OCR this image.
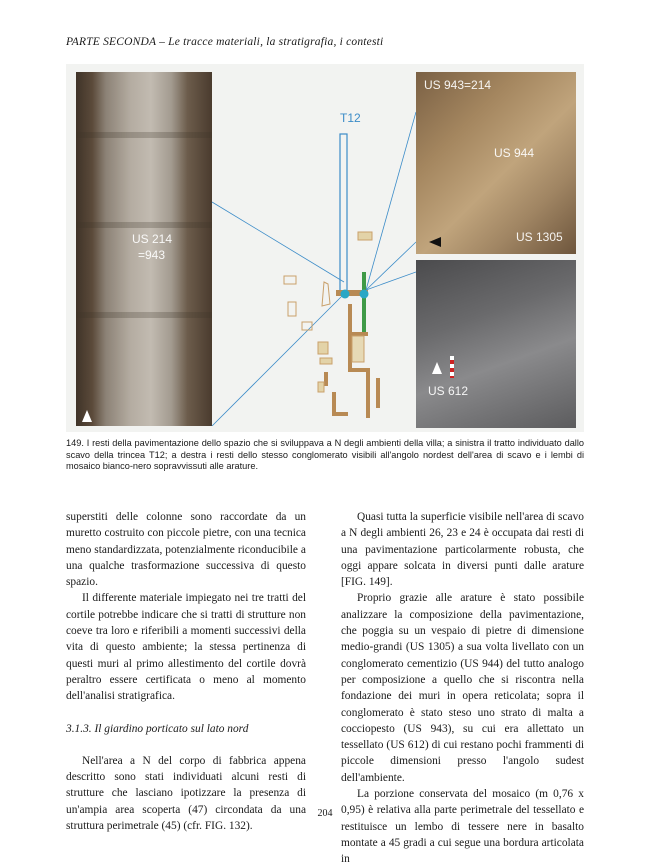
PARTE SECONDA – Le tracce materiali, la stratigrafia, i contesti
US 214
=943
T12
US 943=214
US 944
US 1305
US 612
149. I resti della pavimentazione dello spazio che si sviluppava a N degli ambienti della villa; a sinistra il tratto individuato dallo scavo della trincea T12; a destra i resti dello stesso conglomerato visibili all'angolo nordest dell'area di scavo e i lembi di mosaico bianco-nero sopravvissuti alle arature.

superstiti delle colonne sono raccordate da un muretto costruito con piccole pietre, con una tecnica meno standardizzata, potenzialmente riconducibile a una qualche trasformazione successiva di questo spazio.

Il differente materiale impiegato nei tre tratti del cortile potrebbe indicare che si tratti di strutture non coeve tra loro e riferibili a momenti successivi della vita di questo ambiente; la stessa pertinenza di questi muri al primo allestimento del cortile dovrà peraltro essere certificata o meno al momento dell'analisi stratigrafica.

3.1.3. Il giardino porticato sul lato nord

Nell'area a N del corpo di fabbrica appena descritto sono stati individuati alcuni resti di strutture che lasciano ipotizzare la presenza di un'ampia area scoperta (47) circondata da una struttura perimetrale (45) (cfr. FIG. 132).

Quasi tutta la superficie visibile nell'area di scavo a N degli ambienti 26, 23 e 24 è occupata dai resti di una pavimentazione particolarmente robusta, che oggi appare solcata in diversi punti dalle arature [FIG. 149].

Proprio grazie alle arature è stato possibile analizzare la composizione della pavimentazione, che poggia su un vespaio di pietre di dimensione medio-grandi (US 1305) a sua volta livellato con un conglomerato cementizio (US 944) del tutto analogo per composizione a quello che si riscontra nella fondazione dei muri in opera reticolata; sopra il conglomerato è stato steso uno strato di malta a cocciopesto (US 943), su cui era allettato un tessellato (US 612) di cui restano pochi frammenti di piccole dimensioni presso l'angolo sudest dell'ambiente.

La porzione conservata del mosaico (m 0,76 x 0,95) è relativa alla parte perimetrale del tessellato e restituisce un lembo di tessere nere in basalto montate a 45 gradi a cui segue una bordura articolata in

204
